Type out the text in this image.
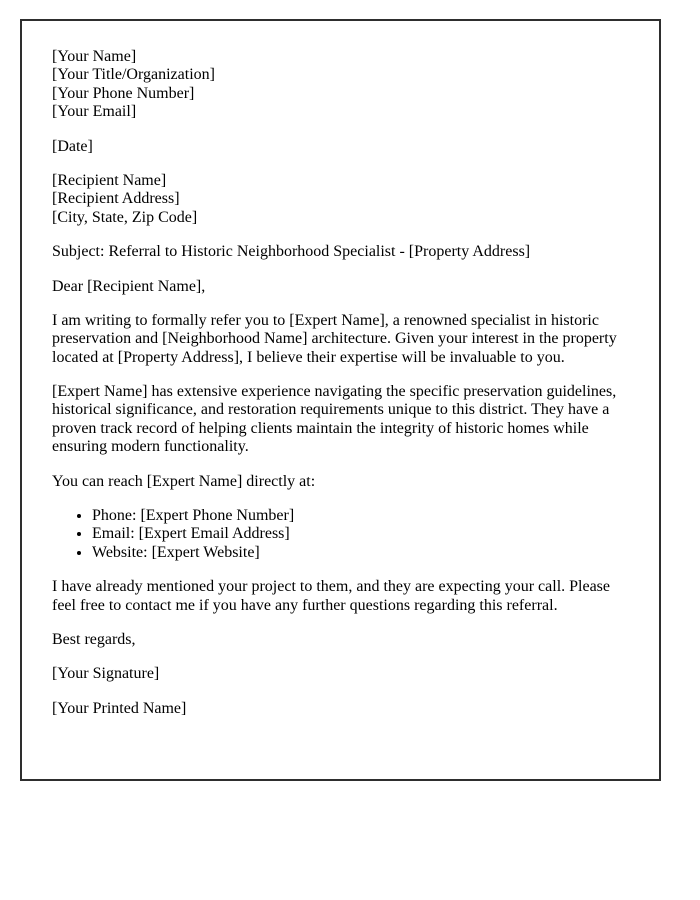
[Your Name]
[Your Title/Organization]
[Your Phone Number]
[Your Email]
[Date]
[Recipient Name]
[Recipient Address]
[City, State, Zip Code]
Subject: Referral to Historic Neighborhood Specialist - [Property Address]
Dear [Recipient Name],
I am writing to formally refer you to [Expert Name], a renowned specialist in historic preservation and [Neighborhood Name] architecture. Given your interest in the property located at [Property Address], I believe their expertise will be invaluable to you.
[Expert Name] has extensive experience navigating the specific preservation guidelines, historical significance, and restoration requirements unique to this district. They have a proven track record of helping clients maintain the integrity of historic homes while ensuring modern functionality.
You can reach [Expert Name] directly at:
• Phone: [Expert Phone Number]
• Email: [Expert Email Address]
• Website: [Expert Website]
I have already mentioned your project to them, and they are expecting your call. Please feel free to contact me if you have any further questions regarding this referral.
Best regards,
[Your Signature]
[Your Printed Name]
